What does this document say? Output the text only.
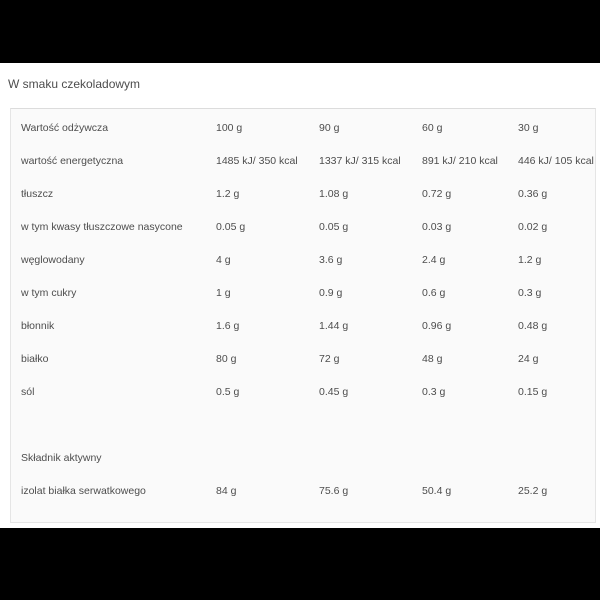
W smaku czekoladowym
Wartość odżywcza	100 g	90 g	60 g	30 g
wartość energetyczna	1485 kJ/ 350 kcal	1337 kJ/ 315 kcal	891 kJ/ 210 kcal	446 kJ/ 105 kcal
tłuszcz	1.2 g	1.08 g	0.72 g	0.36 g
w tym kwasy tłuszczowe nasycone	0.05 g	0.05 g	0.03 g	0.02 g
węglowodany	4 g	3.6 g	2.4 g	1.2 g
w tym cukry	1 g	0.9 g	0.6 g	0.3 g
błonnik	1.6 g	1.44 g	0.96 g	0.48 g
białko	80 g	72 g	48 g	24 g
sól	0.5 g	0.45 g	0.3 g	0.15 g
Składnik aktywny
izolat białka serwatkowego	84 g	75.6 g	50.4 g	25.2 g
